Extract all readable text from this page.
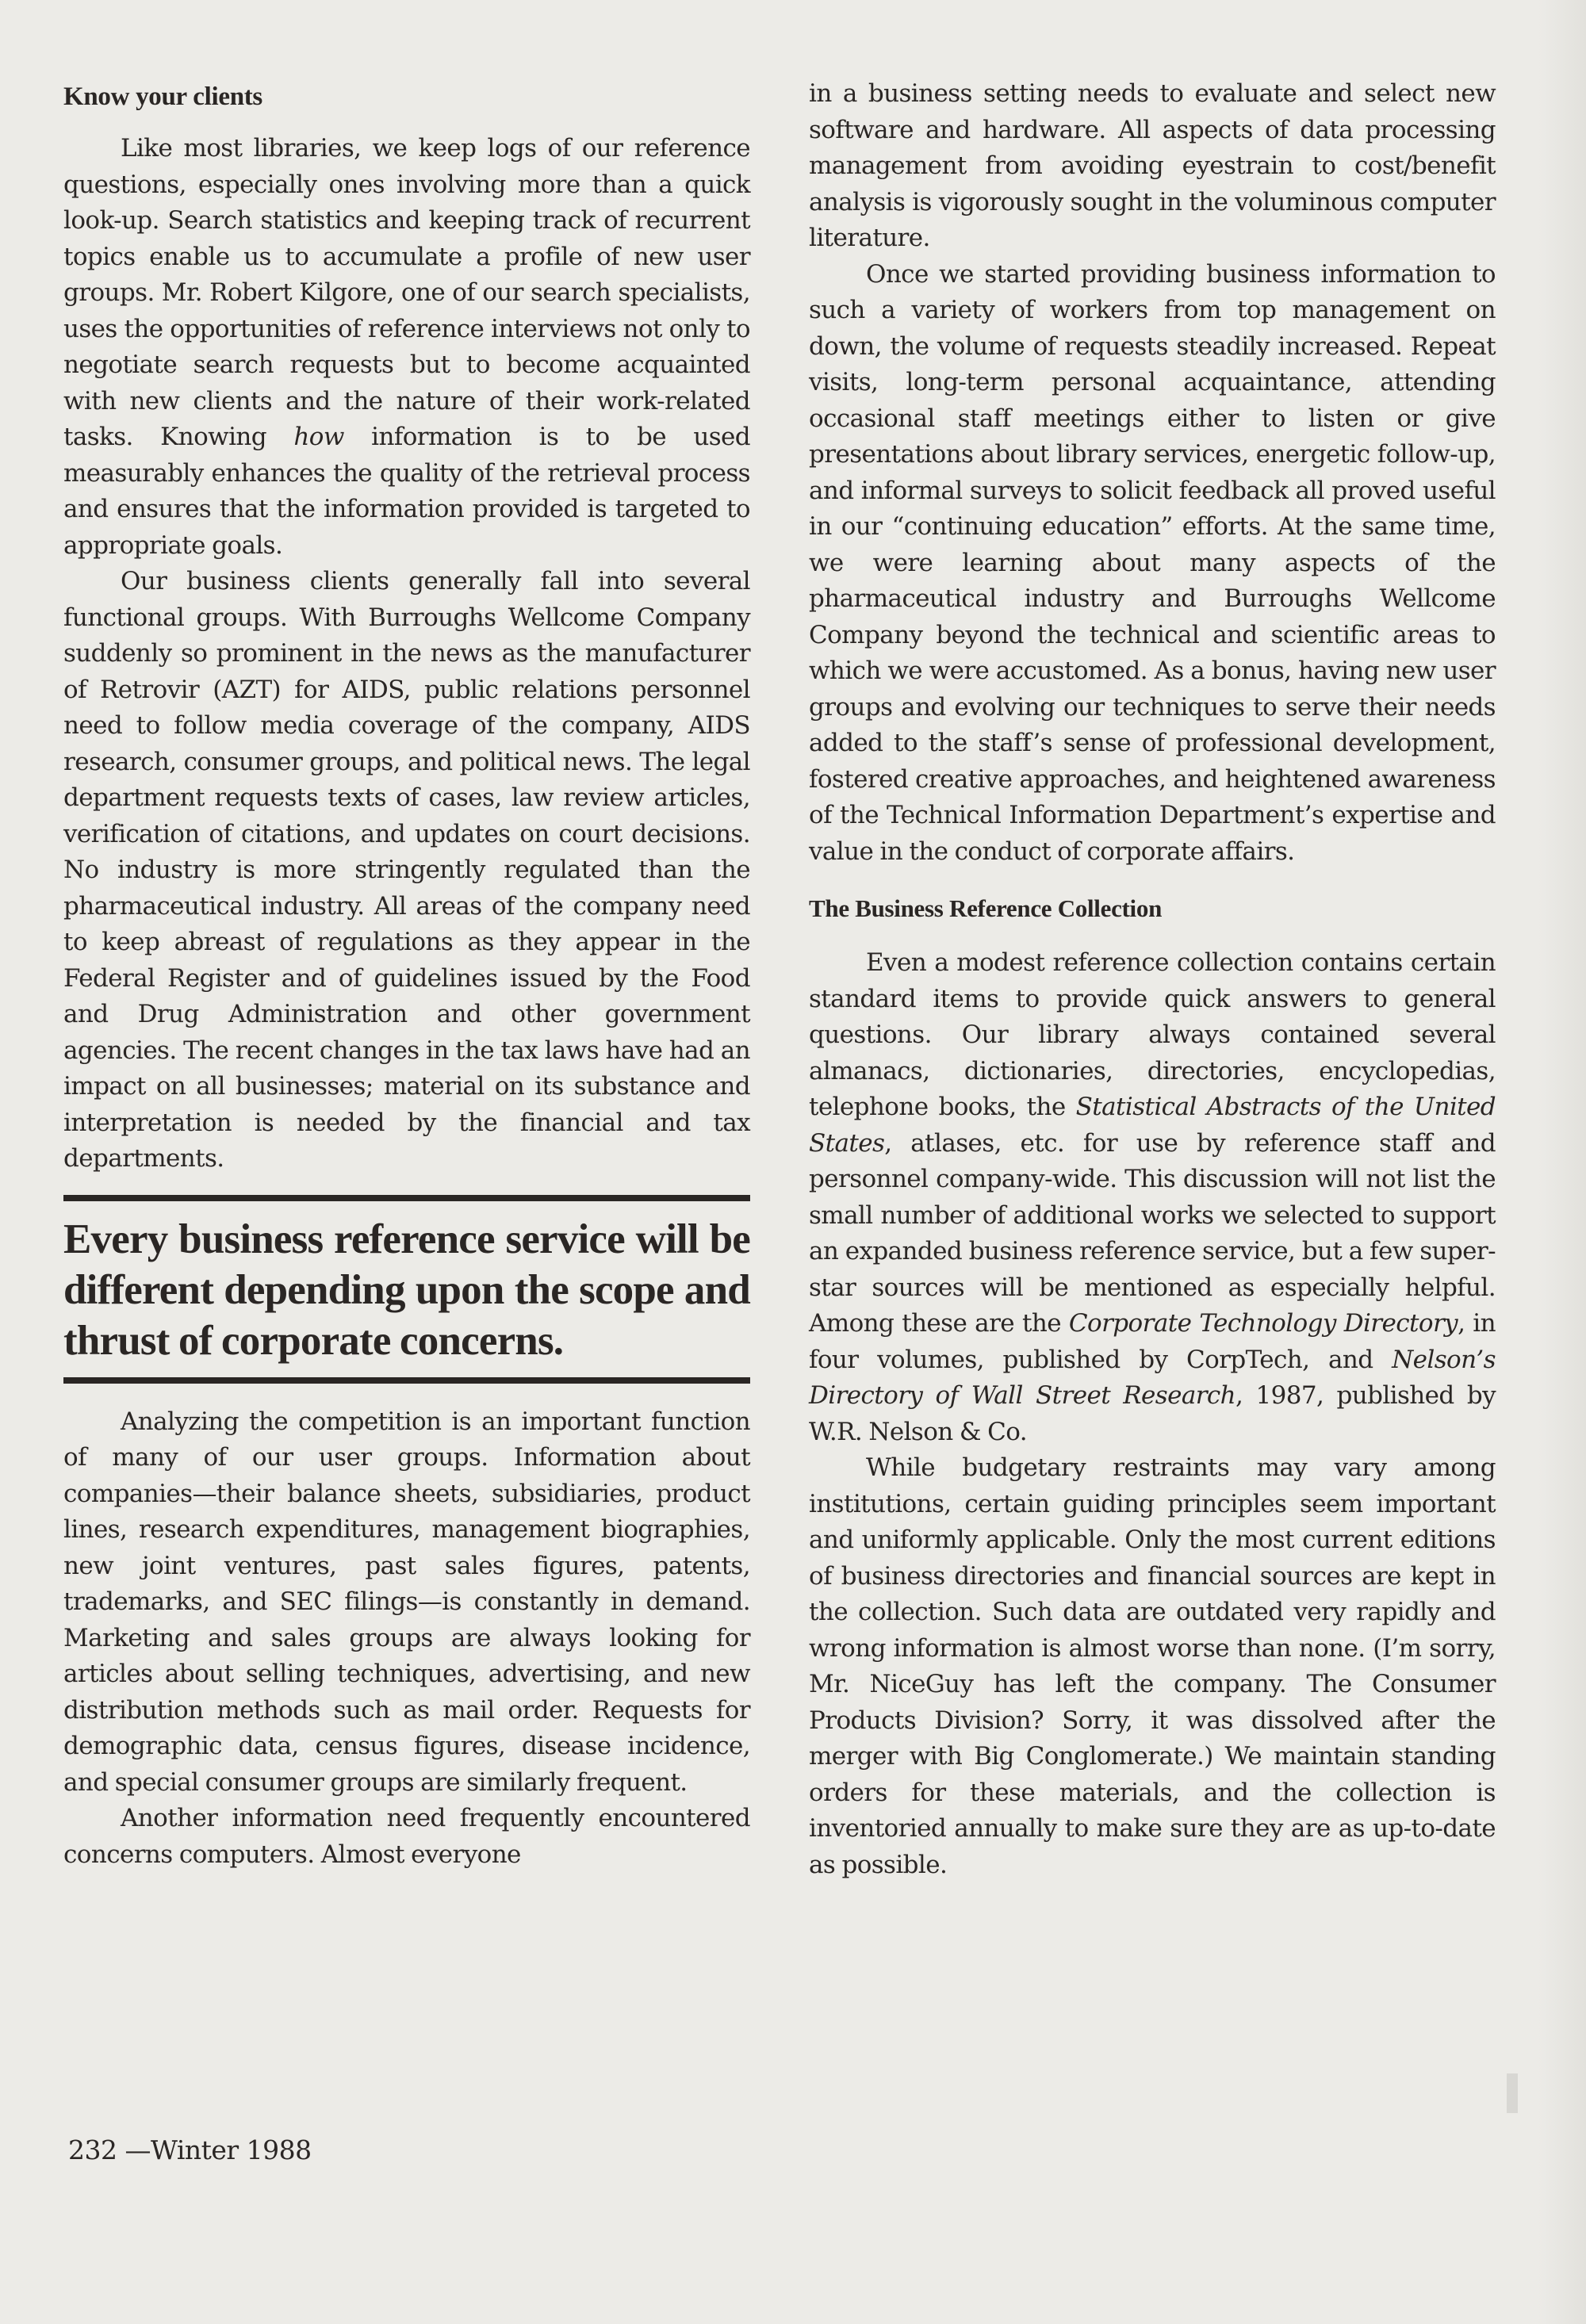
Know your clients

Like most libraries, we keep logs of our reference questions, especially ones involving more than a quick look-up. Search statistics and keeping track of recurrent topics enable us to accumulate a profile of new user groups. Mr. Robert Kilgore, one of our search specialists, uses the opportunities of reference interviews not only to negotiate search requests but to become acquainted with new clients and the nature of their work-related tasks. Knowing how information is to be used measurably enhances the quality of the retrieval process and ensures that the information provided is targeted to appropriate goals.

Our business clients generally fall into several functional groups. With Burroughs Wellcome Company suddenly so prominent in the news as the manufacturer of Retrovir (AZT) for AIDS, public relations personnel need to follow media coverage of the company, AIDS research, consumer groups, and political news. The legal department requests texts of cases, law review articles, verification of citations, and updates on court decisions. No industry is more stringently regulated than the pharmaceutical industry. All areas of the company need to keep abreast of regulations as they appear in the Federal Register and of guidelines issued by the Food and Drug Administration and other government agencies. The recent changes in the tax laws have had an impact on all businesses; material on its substance and interpretation is needed by the financial and tax departments.

Every business reference service will be different depending upon the scope and thrust of corporate concerns.

Analyzing the competition is an important function of many of our user groups. Information about companies—their balance sheets, subsidiaries, product lines, research expenditures, management biographies, new joint ventures, past sales figures, patents, trademarks, and SEC filings—is constantly in demand. Marketing and sales groups are always looking for articles about selling techniques, advertising, and new distribution methods such as mail order. Requests for demographic data, census figures, disease incidence, and special consumer groups are similarly frequent.

Another information need frequently encountered concerns computers. Almost everyone

in a business setting needs to evaluate and select new software and hardware. All aspects of data processing management from avoiding eyestrain to cost/benefit analysis is vigorously sought in the voluminous computer literature.

Once we started providing business information to such a variety of workers from top management on down, the volume of requests steadily increased. Repeat visits, long-term personal acquaintance, attending occasional staff meetings either to listen or give presentations about library services, energetic follow-up, and informal surveys to solicit feedback all proved useful in our “continuing education” efforts. At the same time, we were learning about many aspects of the pharmaceutical industry and Burroughs Wellcome Company beyond the technical and scientific areas to which we were accustomed. As a bonus, having new user groups and evolving our techniques to serve their needs added to the staff’s sense of professional development, fostered creative approaches, and heightened awareness of the Technical Information Department’s expertise and value in the conduct of corporate affairs.

The Business Reference Collection

Even a modest reference collection contains certain standard items to provide quick answers to general questions. Our library always contained several almanacs, dictionaries, directories, encyclopedias, telephone books, the Statistical Abstracts of the United States, atlases, etc. for use by reference staff and personnel company-wide. This discussion will not list the small number of additional works we selected to support an expanded business reference service, but a few super-star sources will be mentioned as especially helpful. Among these are the Corporate Technology Directory, in four volumes, published by CorpTech, and Nelson’s Directory of Wall Street Research, 1987, published by W.R. Nelson & Co.

While budgetary restraints may vary among institutions, certain guiding principles seem important and uniformly applicable. Only the most current editions of business directories and financial sources are kept in the collection. Such data are outdated very rapidly and wrong information is almost worse than none. (I’m sorry, Mr. NiceGuy has left the company. The Consumer Products Division? Sorry, it was dissolved after the merger with Big Conglomerate.) We maintain standing orders for these materials, and the collection is inventoried annually to make sure they are as up-to-date as possible.

232 —Winter 1988
